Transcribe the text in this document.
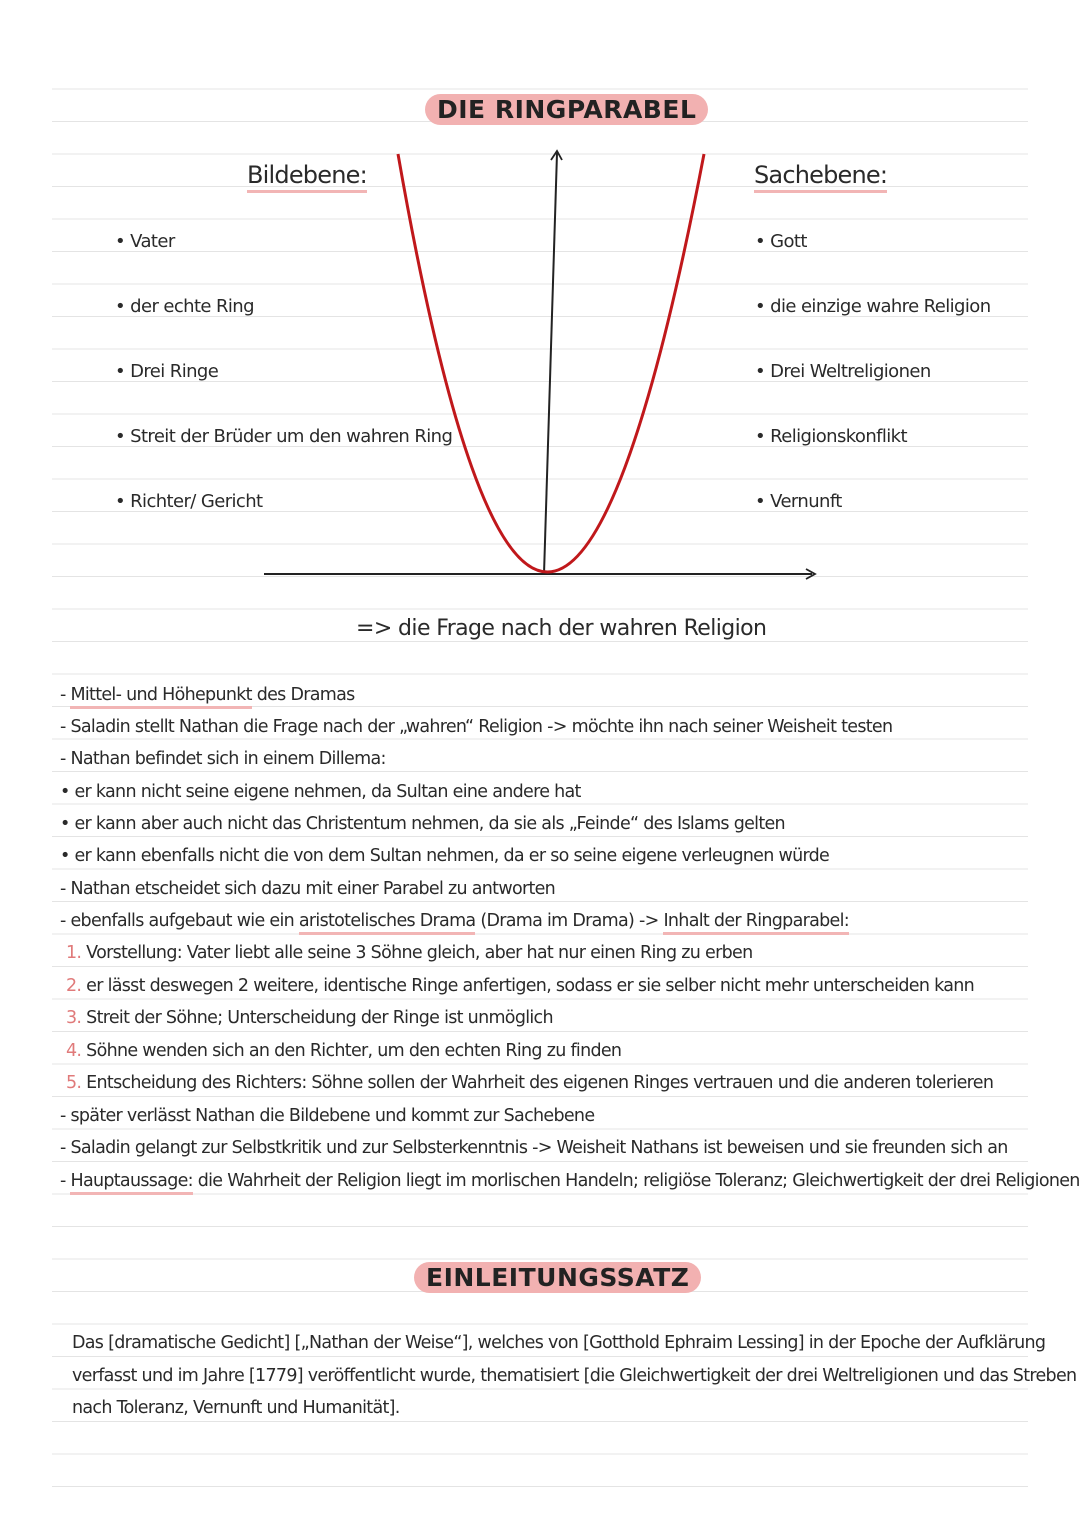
DIE RINGPARABEL
Bildebene:
• Vater
• der echte Ring
• Drei Ringe
• Streit der Brüder um den wahren Ring
• Richter/ Gericht
Sachebene:
• Gott
• die einzige wahre Religion
• Drei Weltreligionen
• Religionskonflikt
• Vernunft
=> die Frage nach der wahren Religion
- Mittel- und Höhepunkt des Dramas
- Saladin stellt Nathan die Frage nach der „wahren“ Religion -> möchte ihn nach seiner Weisheit testen
- Nathan befindet sich in einem Dillema:
• er kann nicht seine eigene nehmen, da Sultan eine andere hat
• er kann aber auch nicht das Christentum nehmen, da sie als „Feinde“ des Islams gelten
• er kann ebenfalls nicht die von dem Sultan nehmen, da er so seine eigene verleugnen würde
- Nathan etscheidet sich dazu mit einer Parabel zu antworten
- ebenfalls aufgebaut wie ein aristotelisches Drama (Drama im Drama) -> Inhalt der Ringparabel:
1. Vorstellung: Vater liebt alle seine 3 Söhne gleich, aber hat nur einen Ring zu erben
2. er lässt deswegen 2 weitere, identische Ringe anfertigen, sodass er sie selber nicht mehr unterscheiden kann
3. Streit der Söhne; Unterscheidung der Ringe ist unmöglich
4. Söhne wenden sich an den Richter, um den echten Ring zu finden
5. Entscheidung des Richters: Söhne sollen der Wahrheit des eigenen Ringes vertrauen und die anderen tolerieren
- später verlässt Nathan die Bildebene und kommt zur Sachebene
- Saladin gelangt zur Selbstkritik und zur Selbsterkenntnis -> Weisheit Nathans ist beweisen und sie freunden sich an
- Hauptaussage: die Wahrheit der Religion liegt im morlischen Handeln; religiöse Toleranz; Gleichwertigkeit der drei Religionen
EINLEITUNGSSATZ
Das [dramatische Gedicht] [„Nathan der Weise“], welches von [Gotthold Ephraim Lessing] in der Epoche der Aufklärung
verfasst und im Jahre [1779] veröffentlicht wurde, thematisiert [die Gleichwertigkeit der drei Weltreligionen und das Streben
nach Toleranz, Vernunft und Humanität].
